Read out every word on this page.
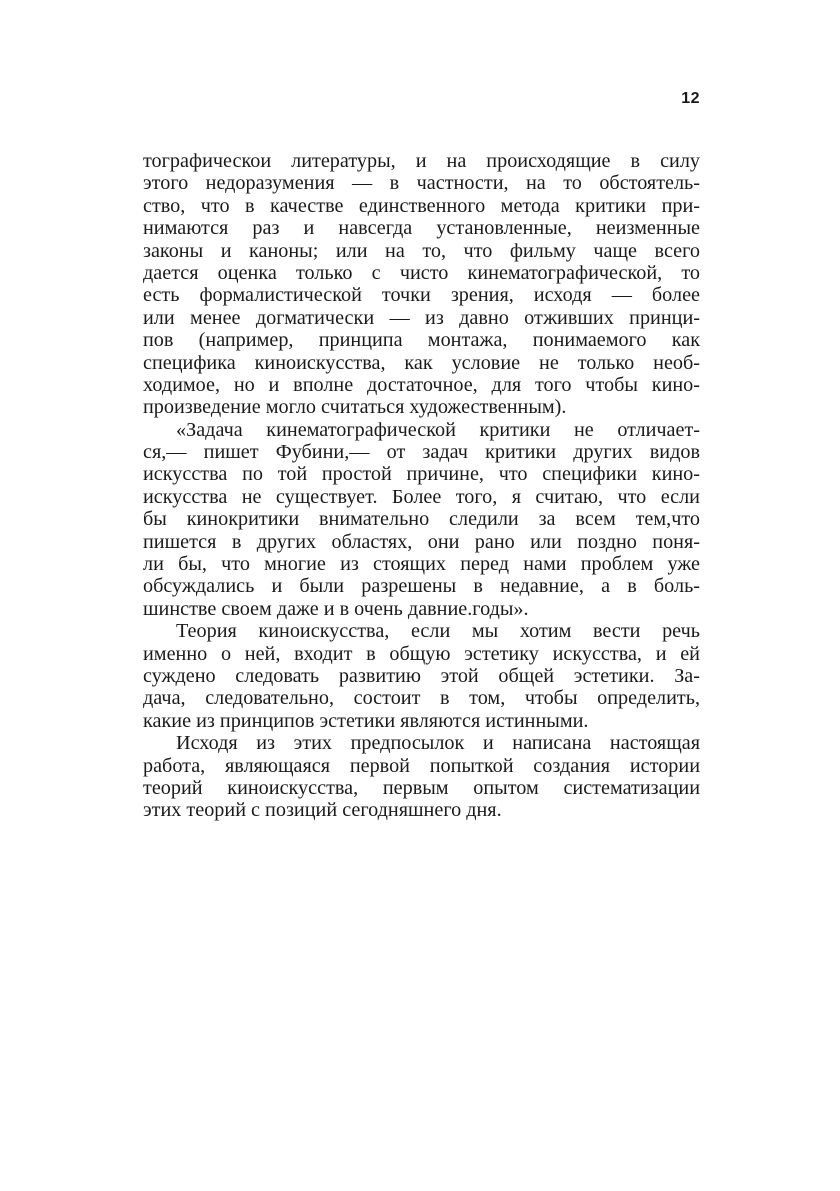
12
тографическои литературы, и на происходящие в силу
этого недоразумения — в частности, на то обстоятель-
ство, что в качестве единственного метода критики при-
нимаются раз и навсегда установленные, неизменные
законы и каноны; или на то, что фильму чаще всего
дается оценка только с чисто кинематографической, то
есть формалистической точки зрения, исходя — более
или менее догматически — из давно отживших принци-
пов (например, принципа монтажа, понимаемого как
специфика киноискусства, как условие не только необ-
ходимое, но и вполне достаточное, для того чтобы кино-
произведение могло считаться художественным).
«Задача кинематографической критики не отличает-
ся,— пишет Фубини,— от задач критики других видов
искусства по той простой причине, что специфики кино-
искусства не существует. Более того, я считаю, что если
бы кинокритики внимательно следили за всем тем,что
пишется в других областях, они рано или поздно поня-
ли бы, что многие из стоящих перед нами проблем уже
обсуждались и были разрешены в недавние, а в боль-
шинстве своем даже и в очень давние.годы».
Теория киноискусства, если мы хотим вести речь
именно о ней, входит в общую эстетику искусства, и ей
суждено следовать развитию этой общей эстетики. За-
дача, следовательно, состоит в том, чтобы определить,
какие из принципов эстетики являются истинными.
Исходя из этих предпосылок и написана настоящая
работа, являющаяся первой попыткой создания истории
теорий киноискусства, первым опытом систематизации
этих теорий с позиций сегодняшнего дня.
